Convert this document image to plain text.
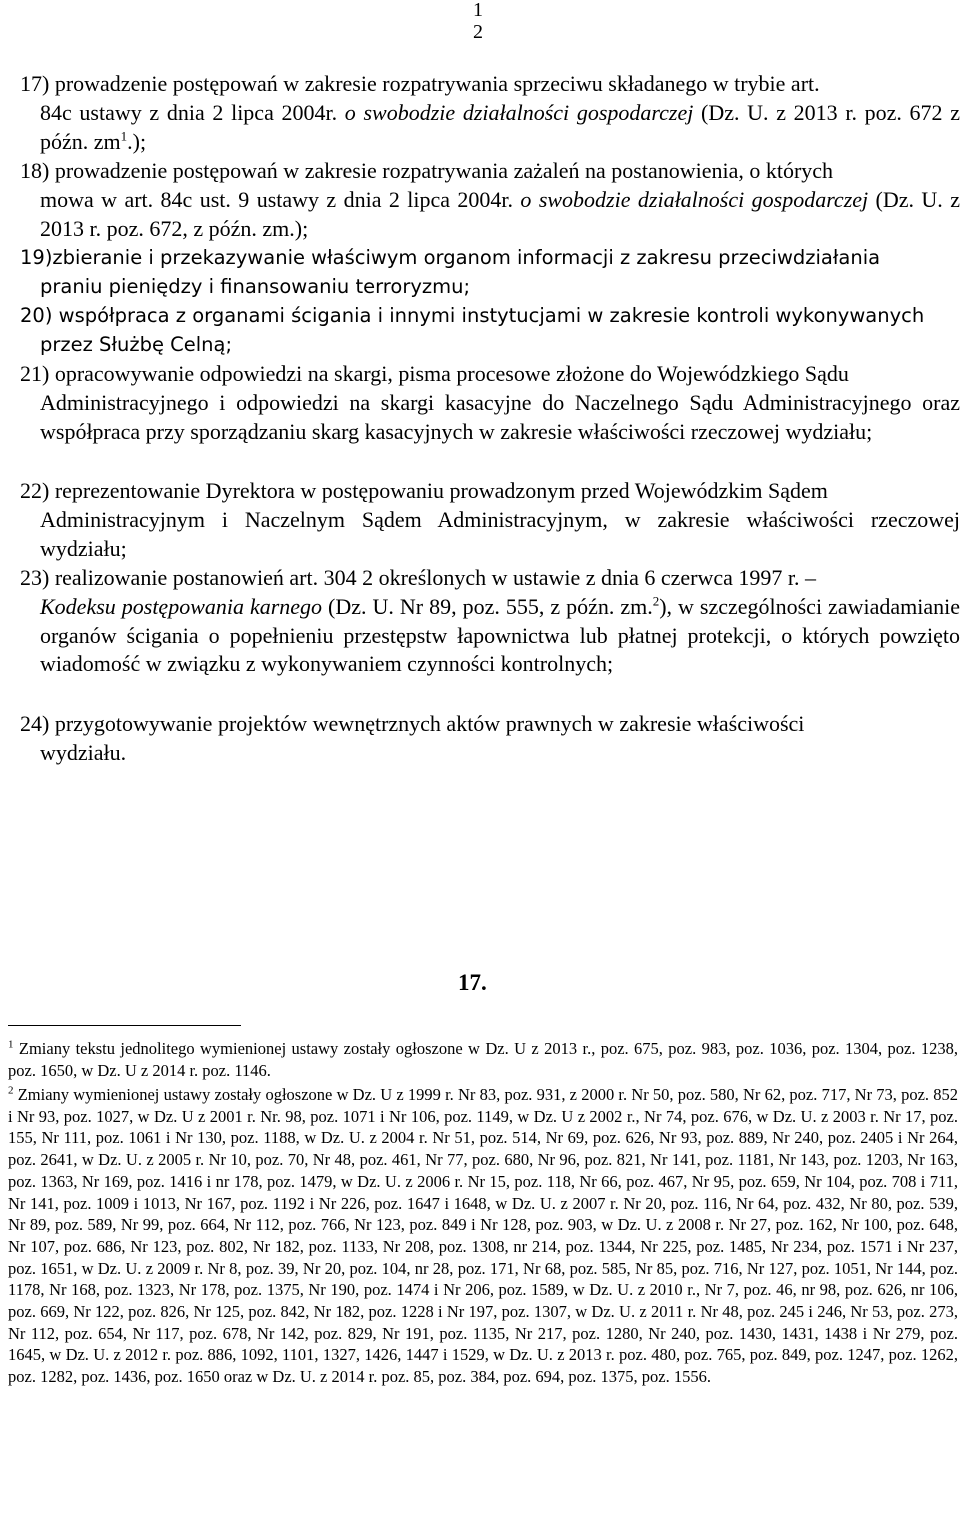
1
2
17) prowadzenie postępowań w zakresie rozpatrywania sprzeciwu składanego w trybie art.
84c ustawy z dnia 2 lipca 2004r. o swobodzie działalności gospodarczej (Dz. U. z 2013 r. poz. 672 z późn. $zm^1$.);
18) prowadzenie postępowań w zakresie rozpatrywania zażaleń na postanowienia, o których
mowa w art. 84c ust. 9 ustawy z dnia 2 lipca 2004r. o swobodzie działalności gospodarczej (Dz. U. z 2013 r. poz. 672, z późn. zm.);
19)zbieranie i przekazywanie właściwym organom informacji z zakresu przeciwdziałania
praniu pieniędzy i finansowaniu terroryzmu;
20) współpraca z organami ścigania i innymi instytucjami w zakresie kontroli wykonywanych
przez Służbę Celną;
21) opracowywanie odpowiedzi na skargi, pisma procesowe złożone do Wojewódzkiego Sądu
Administracyjnego i odpowiedzi na skargi kasacyjne do Naczelnego Sądu Administracyjnego oraz współpraca przy sporządzaniu skarg kasacyjnych w zakresie właściwości rzeczowej wydziału;
22) reprezentowanie Dyrektora w postępowaniu prowadzonym przed Wojewódzkim Sądem
Administracyjnym i Naczelnym Sądem Administracyjnym, w zakresie właściwości rzeczowej wydziału;
23) realizowanie postanowień art. 304 2 określonych w ustawie z dnia 6 czerwca 1997 r. –
Kodeksu postępowania karnego (Dz. U. Nr 89, poz. 555, z późn. zm.$^2$), w szczególności zawiadamianie organów ścigania o popełnieniu przestępstw łapownictwa lub płatnej protekcji, o których powzięto wiadomość w związku z wykonywaniem czynności kontrolnych;
24) przygotowywanie projektów wewnętrznych aktów prawnych w zakresie właściwości
wydziału.
17.
$^1$ Zmiany tekstu jednolitego wymienionej ustawy zostały ogłoszone w Dz. U z 2013 r., poz. 675, poz. 983, poz. 1036, poz. 1304, poz. 1238, poz. 1650, w Dz. U z 2014 r. poz. 1146.
$^2$ Zmiany wymienionej ustawy zostały ogłoszone w Dz. U z 1999 r. Nr 83, poz. 931, z 2000 r. Nr 50, poz. 580, Nr 62, poz. 717, Nr 73, poz. 852 i Nr 93, poz. 1027, w Dz. U z 2001 r. Nr. 98, poz. 1071 i Nr 106, poz. 1149, w Dz. U z 2002 r., Nr 74, poz. 676, w Dz. U. z 2003 r. Nr 17, poz. 155, Nr 111, poz. 1061 i Nr 130, poz. 1188, w Dz. U. z 2004 r. Nr 51, poz. 514, Nr 69, poz. 626, Nr 93, poz. 889, Nr 240, poz. 2405 i Nr 264, poz. 2641, w Dz. U. z 2005 r. Nr 10, poz. 70, Nr 48, poz. 461, Nr 77, poz. 680, Nr 96, poz. 821, Nr 141, poz. 1181, Nr 143, poz. 1203, Nr 163, poz. 1363, Nr 169, poz. 1416 i nr 178, poz. 1479, w Dz. U. z 2006 r. Nr 15, poz. 118, Nr 66, poz. 467, Nr 95, poz. 659, Nr 104, poz. 708 i 711, Nr 141, poz. 1009 i 1013, Nr 167, poz. 1192 i Nr 226, poz. 1647 i 1648, w Dz. U. z 2007 r. Nr 20, poz. 116, Nr 64, poz. 432, Nr 80, poz. 539, Nr 89, poz. 589, Nr 99, poz. 664, Nr 112, poz. 766, Nr 123, poz. 849 i Nr 128, poz. 903, w Dz. U. z 2008 r. Nr 27, poz. 162, Nr 100, poz. 648, Nr 107, poz. 686, Nr 123, poz. 802, Nr 182, poz. 1133, Nr 208, poz. 1308, nr 214, poz. 1344, Nr 225, poz. 1485, Nr 234, poz. 1571 i Nr 237, poz. 1651, w Dz. U. z 2009 r. Nr 8, poz. 39, Nr 20, poz. 104, nr 28, poz. 171, Nr 68, poz. 585, Nr 85, poz. 716, Nr 127, poz. 1051, Nr 144, poz. 1178, Nr 168, poz. 1323, Nr 178, poz. 1375, Nr 190, poz. 1474 i Nr 206, poz. 1589, w Dz. U. z 2010 r., Nr 7, poz. 46, nr 98, poz. 626, nr 106, poz. 669, Nr 122, poz. 826, Nr 125, poz. 842, Nr 182, poz. 1228 i Nr 197, poz. 1307, w Dz. U. z 2011 r. Nr 48, poz. 245 i 246, Nr 53, poz. 273, Nr 112, poz. 654, Nr 117, poz. 678, Nr 142, poz. 829, Nr 191, poz. 1135, Nr 217, poz. 1280, Nr 240, poz. 1430, 1431, 1438 i Nr 279, poz. 1645, w Dz. U. z 2012 r. poz. 886, 1092, 1101, 1327, 1426, 1447 i 1529, w Dz. U. z 2013 r. poz. 480, poz. 765, poz. 849, poz. 1247, poz. 1262, poz. 1282, poz. 1436, poz. 1650 oraz w Dz. U. z 2014 r. poz. 85, poz. 384, poz. 694, poz. 1375, poz. 1556.
